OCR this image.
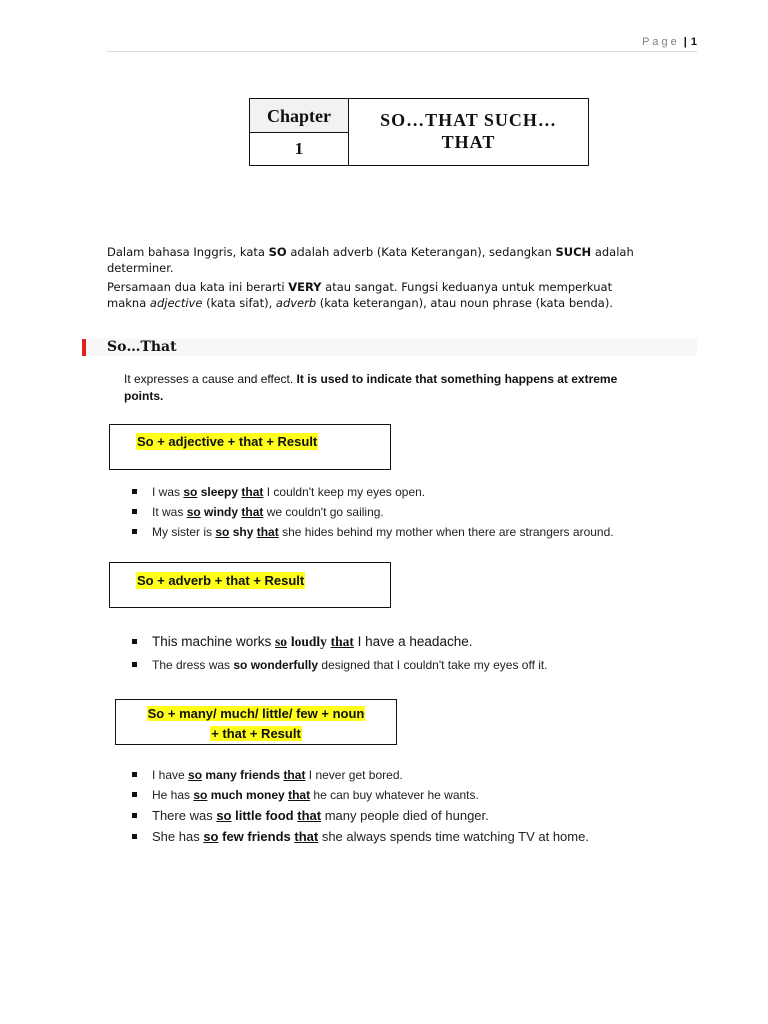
Page | 1
Chapter
1
SO…THAT SUCH…
THAT
Dalam bahasa Inggris, kata SO adalah adverb (Kata Keterangan), sedangkan SUCH adalah
determiner.
Persamaan dua kata ini berarti VERY atau sangat. Fungsi keduanya untuk memperkuat
makna adjective (kata sifat), adverb (kata keterangan), atau noun phrase (kata benda).
So…That
It expresses a cause and effect. It is used to indicate that something happens at extreme
points.
So + adjective + that + Result
I was so sleepy that I couldn't keep my eyes open.
It was so windy that we couldn't go sailing.
My sister is so shy that she hides behind my mother when there are strangers around.
So + adverb + that + Result
This machine works so loudly that I have a headache.
The dress was so wonderfully designed that I couldn't take my eyes off it.
So + many/ much/ little/ few + noun
+ that + Result
I have so many friends that I never get bored.
He has so much money that he can buy whatever he wants.
There was so little food that many people died of hunger.
She has so few friends that she always spends time watching TV at home.
